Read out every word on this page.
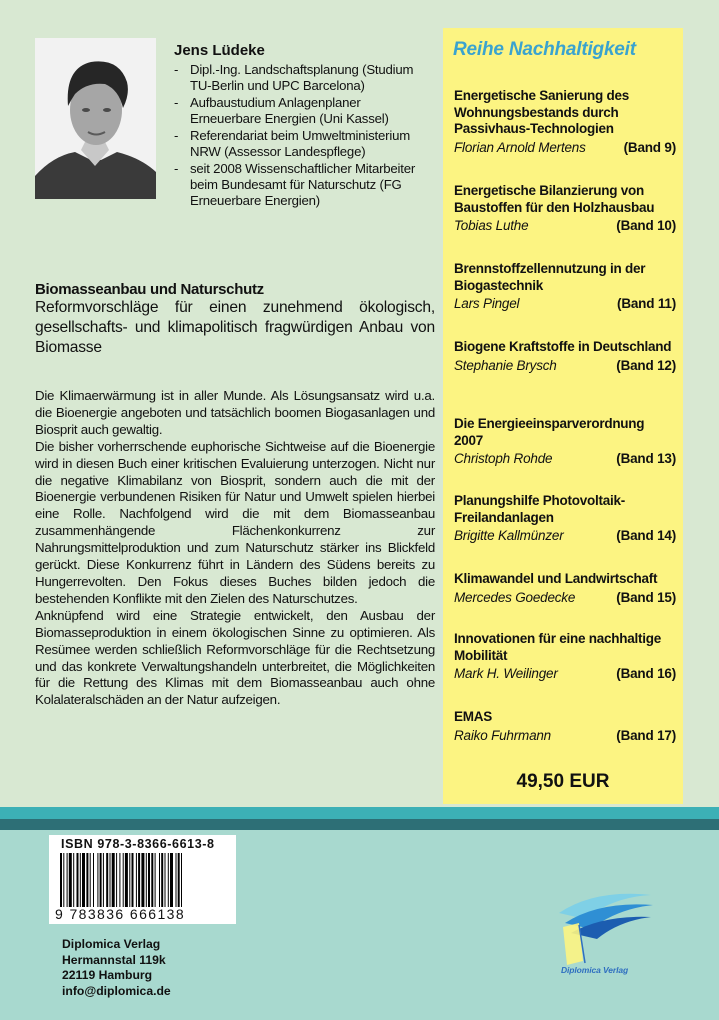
Jens Lüdeke
- Dipl.-Ing. Landschaftsplanung (Studium TU-Berlin und UPC Barcelona)
- Aufbaustudium Anlagenplaner Erneuerbare Energien (Uni Kassel)
- Referendariat beim Umweltministerium NRW (Assessor Landespflege)
- seit 2008 Wissenschaftlicher Mitarbeiter beim Bundesamt für Naturschutz (FG Erneuerbare Energien)
Reihe Nachhaltigkeit
Energetische Sanierung des Wohnungsbestands durch Passivhaus-Technologien
Florian Arnold Mertens	(Band 9)
Energetische Bilanzierung von Baustoffen für den Holzhausbau
Tobias Luthe	(Band 10)
Brennstoffzellennutzung in der Biogastechnik
Lars Pingel	(Band 11)
Biogene Kraftstoffe in Deutschland
Stephanie Brysch	(Band 12)
Die Energieeinsparverordnung 2007
Christoph Rohde	(Band 13)
Planungshilfe Photovoltaik-Freilandanlagen
Brigitte Kallmünzer	(Band 14)
Klimawandel und Landwirtschaft
Mercedes Goedecke	(Band 15)
Innovationen für eine nachhaltige Mobilität
Mark H. Weilinger	(Band 16)
EMAS
Raiko Fuhrmann	(Band 17)
49,50 EUR
Biomasseanbau und Naturschutz
Reformvorschläge für einen zunehmend ökologisch, gesellschafts- und klimapolitisch fragwürdigen Anbau von Biomasse

Die Klimaerwärmung ist in aller Munde. Als Lösungsansatz wird u.a. die Bioenergie angeboten und tatsächlich boomen Biogasanlagen und Biosprit auch gewaltig.

Die bisher vorherrschende euphorische Sichtweise auf die Bioenergie wird in diesen Buch einer kritischen Evaluierung unterzogen. Nicht nur die negative Klimabilanz von Biosprit, sondern auch die mit der Bioenergie verbundenen Risiken für Natur und Umwelt spielen hierbei eine Rolle. Nachfolgend wird die mit dem Biomasseanbau zusammenhängende Flächenkonkurrenz zur Nahrungsmittelproduktion und zum Naturschutz stärker ins Blickfeld gerückt. Diese Konkurrenz führt in Ländern des Südens bereits zu Hungerrevolten. Den Fokus dieses Buches bilden jedoch die bestehenden Konflikte mit den Zielen des Naturschutzes.

Anknüpfend wird eine Strategie entwickelt, den Ausbau der Biomasseproduktion in einem ökologischen Sinne zu optimieren. Als Resümee werden schließlich Reformvorschläge für die Rechtsetzung und das konkrete Verwaltungshandeln unterbreitet, die Möglichkeiten für die Rettung des Klimas mit dem Biomasseanbau auch ohne Kolalateralschäden an der Natur aufzeigen.

ISBN 978-3-8366-6613-8
9 783836 666138
Diplomica Verlag
Hermannstal 119k
22119 Hamburg
info@diplomica.de
Diplomica Verlag
